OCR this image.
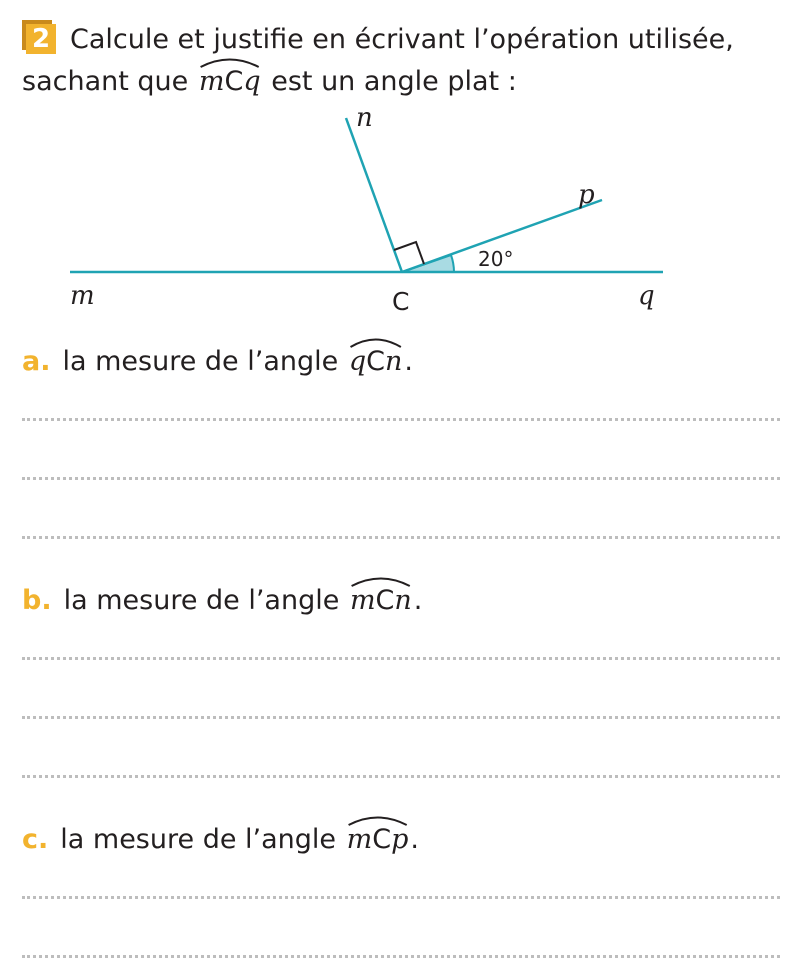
2 Calcule et justifie en écrivant l’opération utilisée,
sachant que mCq est un angle plat :
n
p
m	q
C
20°
a. la mesure de l’angle qCn.
b. la mesure de l’angle mCn.
c. la mesure de l’angle mCp.
